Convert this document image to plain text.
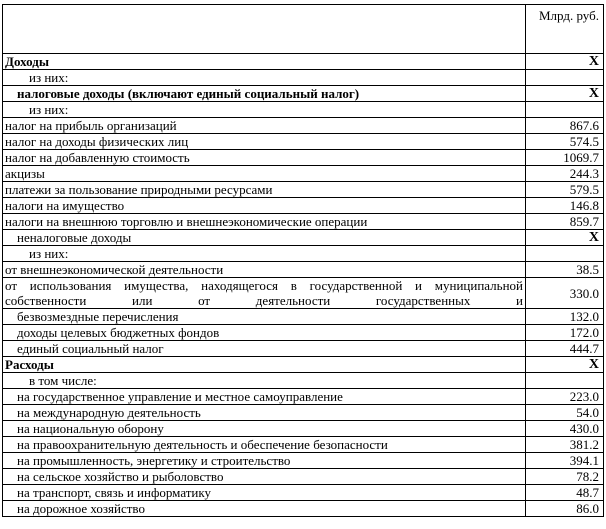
	Млрд. руб.

Доходы	X

из них:	

налоговые доходы (включают единый социальный налог)	X

из них:	

налог на прибыль организаций	867.6

налог на доходы физических лиц	574.5

налог на добавленную стоимость	1069.7

акцизы	244.3

платежи за пользование природными ресурсами	579.5

налоги на имущество	146.8

налоги на внешнюю торговлю и внешнеэкономические операции	859.7

неналоговые доходы	X

из них:	

от внешнеэкономической деятельности	38.5

от использования имущества, находящегося в государственной и муниципальной собственности или от деятельности государственных и	330.0

безвозмездные перечисления	132.0

доходы целевых бюджетных фондов	172.0

единый социальный налог	444.7

Расходы	X

в том числе:	

на государственное управление и местное самоуправление	223.0

на международную деятельность	54.0

на национальную оборону	430.0

на правоохранительную деятельность и обеспечение безопасности	381.2

на промышленность, энергетику и строительство	394.1

на сельское хозяйство и рыболовство	78.2

на транспорт, связь и информатику	48.7

на дорожное хозяйство	86.0
